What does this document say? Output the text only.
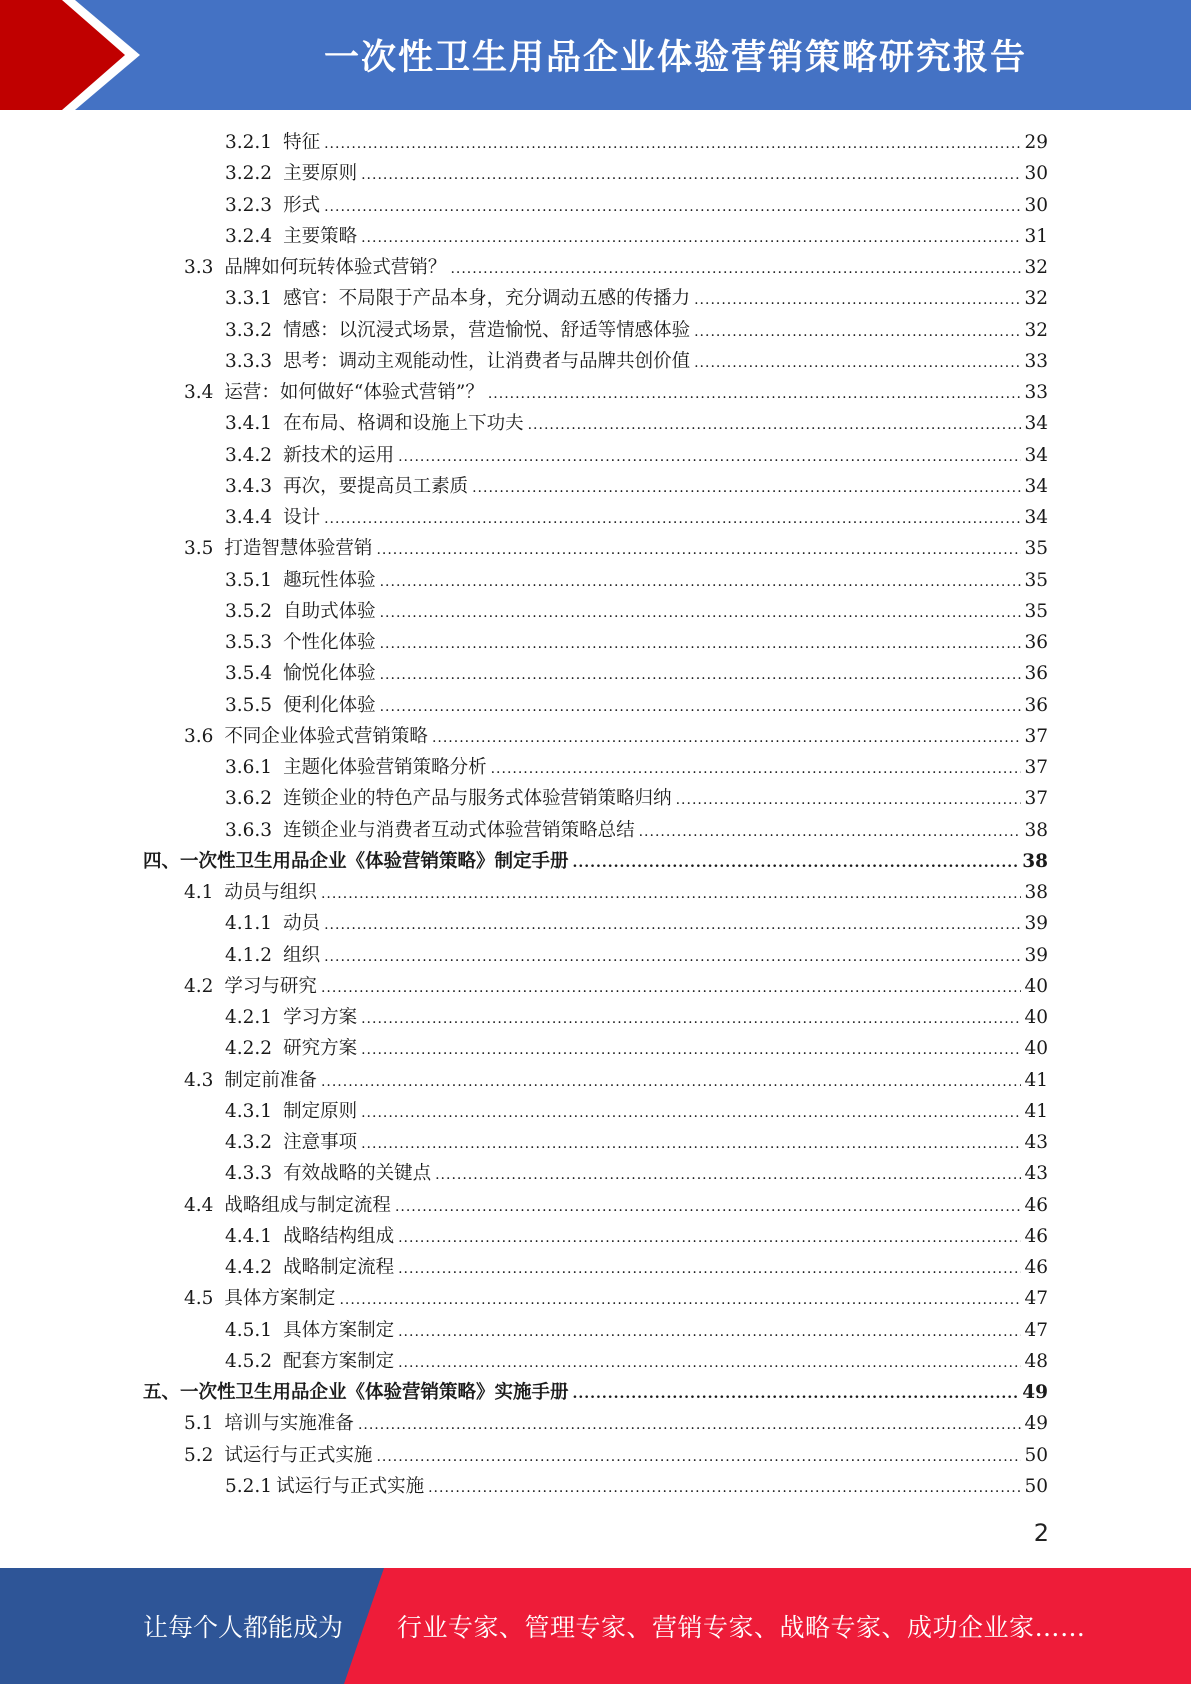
一次性卫生用品企业体验营销策略研究报告
3.2.1 特征 .....	29
3.2.2 主要原则 .....	30
3.2.3 形式 .....	30
3.2.4 主要策略 .....	31
3.3 品牌如何玩转体验式营销？ .....	32
3.3.1 感官：不局限于产品本身，充分调动五感的传播力 .....	32
3.3.2 情感：以沉浸式场景，营造愉悦、舒适等情感体验 .....	32
3.3.3 思考：调动主观能动性，让消费者与品牌共创价值 .....	33
3.4 运营：如何做好“体验式营销”？ .....	33
3.4.1 在布局、格调和设施上下功夫 .....	34
3.4.2 新技术的运用 .....	34
3.4.3 再次，要提高员工素质 .....	34
3.4.4 设计 .....	34
3.5 打造智慧体验营销 .....	35
3.5.1 趣玩性体验 .....	35
3.5.2 自助式体验 .....	35
3.5.3 个性化体验 .....	36
3.5.4 愉悦化体验 .....	36
3.5.5 便利化体验 .....	36
3.6 不同企业体验式营销策略 .....	37
3.6.1 主题化体验营销策略分析 .....	37
3.6.2 连锁企业的特色产品与服务式体验营销策略归纳 .....	37
3.6.3 连锁企业与消费者互动式体验营销策略总结 .....	38
四、 一次性卫生用品企业《体验营销策略》制定手册 .....	38
4.1 动员与组织 .....	38
4.1.1 动员 .....	39
4.1.2 组织 .....	39
4.2 学习与研究 .....	40
4.2.1 学习方案 .....	40
4.2.2 研究方案 .....	40
4.3 制定前准备 .....	41
4.3.1 制定原则 .....	41
4.3.2 注意事项 .....	43
4.3.3 有效战略的关键点 .....	43
4.4 战略组成与制定流程 .....	46
4.4.1 战略结构组成 .....	46
4.4.2 战略制定流程 .....	46
4.5 具体方案制定 .....	47
4.5.1 具体方案制定 .....	47
4.5.2 配套方案制定 .....	48
五、 一次性卫生用品企业《体验营销策略》实施手册 .....	49
5.1 培训与实施准备 .....	49
5.2 试运行与正式实施 .....	50
5.2.1 试运行与正式实施 .....	50
2
让每个人都能成为 行业专家、管理专家、营销专家、战略专家、成功企业家……
